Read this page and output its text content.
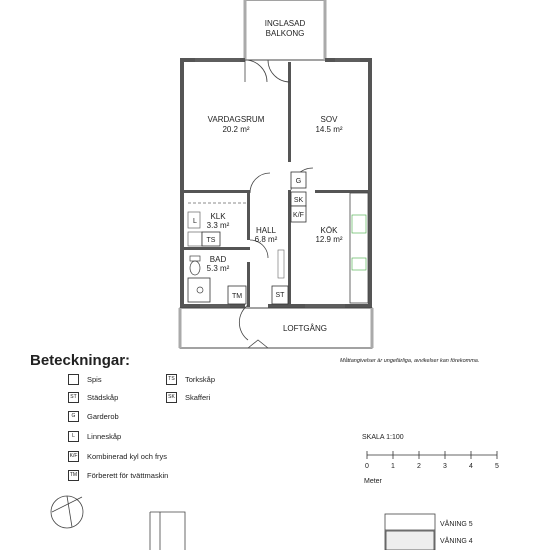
INGLASAD
BALKONG
G
SK
K/F
L
TS
TM	ST
LOFTGÅNG
VARDAGSRUM
20.2 m²
SOV
14.5 m²
KLK
3.3 m²
HALL
6.8 m²
KÖK
12.9 m²
BAD
5.3 m²
0	1	2	3	4	5
Måttangivelser är ungefärliga, avvikelser kan förekomma.
Beteckningar:
Spis
ST	Städskåp
G	Garderob
L	Linneskåp
K/F Kombinerad kyl och frys
TM Förberett för tvättmaskin
TS	Torkskåp
SK Skafferi
SKALA 1:100
Meter
VÅNING 5
VÅNING 4
